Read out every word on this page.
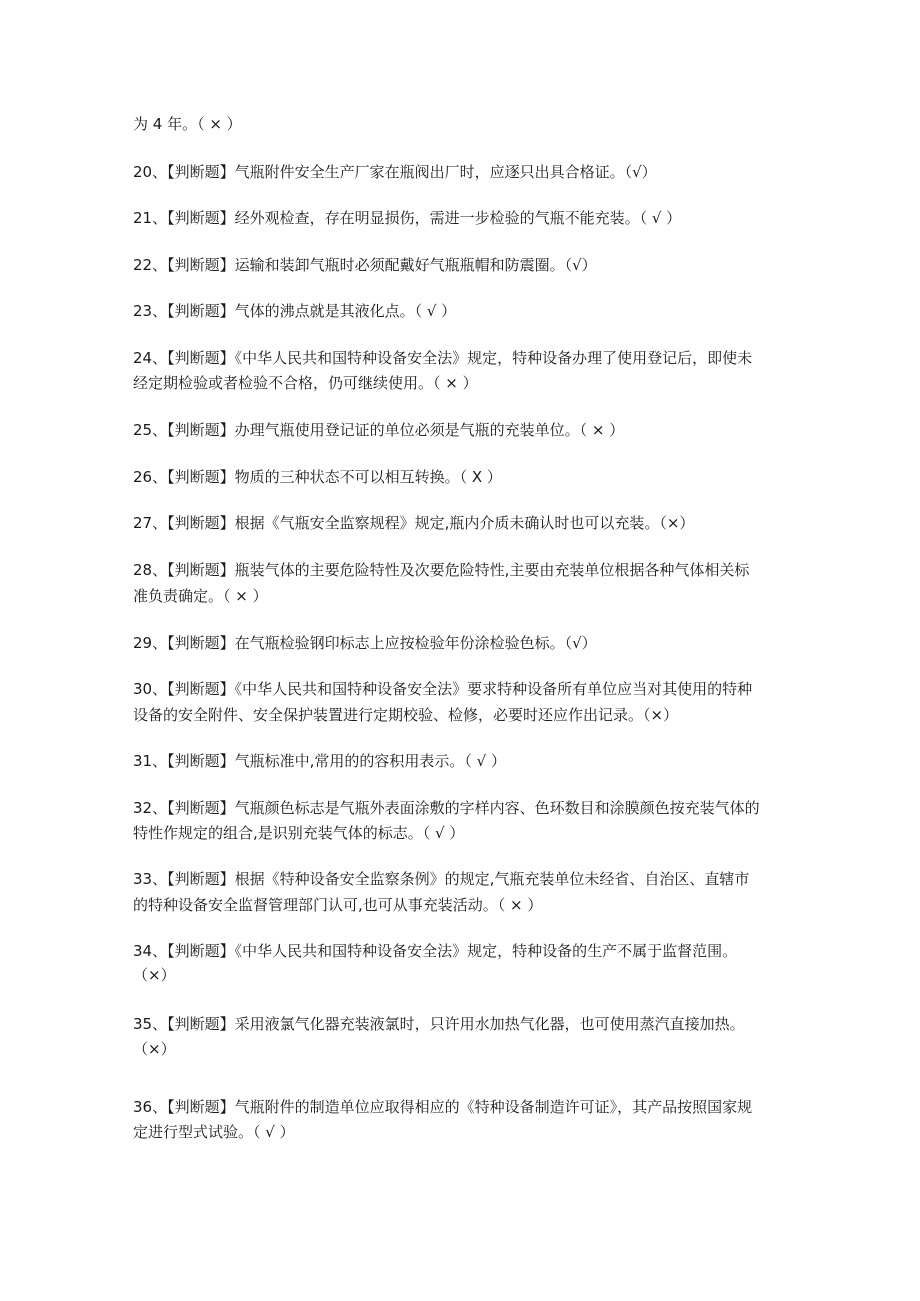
为 4 年。（ × ）
20、【判断题】气瓶附件安全生产厂家在瓶阀出厂时，应逐只出具合格证。（√）
21、【判断题】经外观检查，存在明显损伤，需进一步检验的气瓶不能充装。（ √ ）
22、【判断题】运输和装卸气瓶时必须配戴好气瓶瓶帽和防震圈。（√）
23、【判断题】气体的沸点就是其液化点。（ √ ）
24、【判断题】《中华人民共和国特种设备安全法》规定，特种设备办理了使用登记后，即使未
经定期检验或者检验不合格，仍可继续使用。（ × ）
25、【判断题】办理气瓶使用登记证的单位必须是气瓶的充装单位。（ × ）
26、【判断题】物质的三种状态不可以相互转换。（ X ）
27、【判断题】根据《气瓶安全监察规程》规定,瓶内介质未确认时也可以充装。（×）
28、【判断题】瓶装气体的主要危险特性及次要危险特性,主要由充装单位根据各种气体相关标
准负责确定。（ × ）
29、【判断题】在气瓶检验钢印标志上应按检验年份涂检验色标。（√）
30、【判断题】《中华人民共和国特种设备安全法》要求特种设备所有单位应当对其使用的特种
设备的安全附件、安全保护装置进行定期校验、检修，必要时还应作出记录。（×）
31、【判断题】气瓶标准中,常用的的容积用表示。（ √ ）
32、【判断题】气瓶颜色标志是气瓶外表面涂敷的字样内容、色环数目和涂膜颜色按充装气体的
特性作规定的组合,是识别充装气体的标志。（ √ ）
33、【判断题】根据《特种设备安全监察条例》的规定,气瓶充装单位未经省、自治区、直辖市
的特种设备安全监督管理部门认可,也可从事充装活动。（ × ）
34、【判断题】《中华人民共和国特种设备安全法》规定，特种设备的生产不属于监督范围。
（×）
35、【判断题】采用液氯气化器充装液氯时，只许用水加热气化器，也可使用蒸汽直接加热。
（×）
36、【判断题】气瓶附件的制造单位应取得相应的《特种设备制造许可证》，其产品按照国家规
定进行型式试验。（ √ ）
